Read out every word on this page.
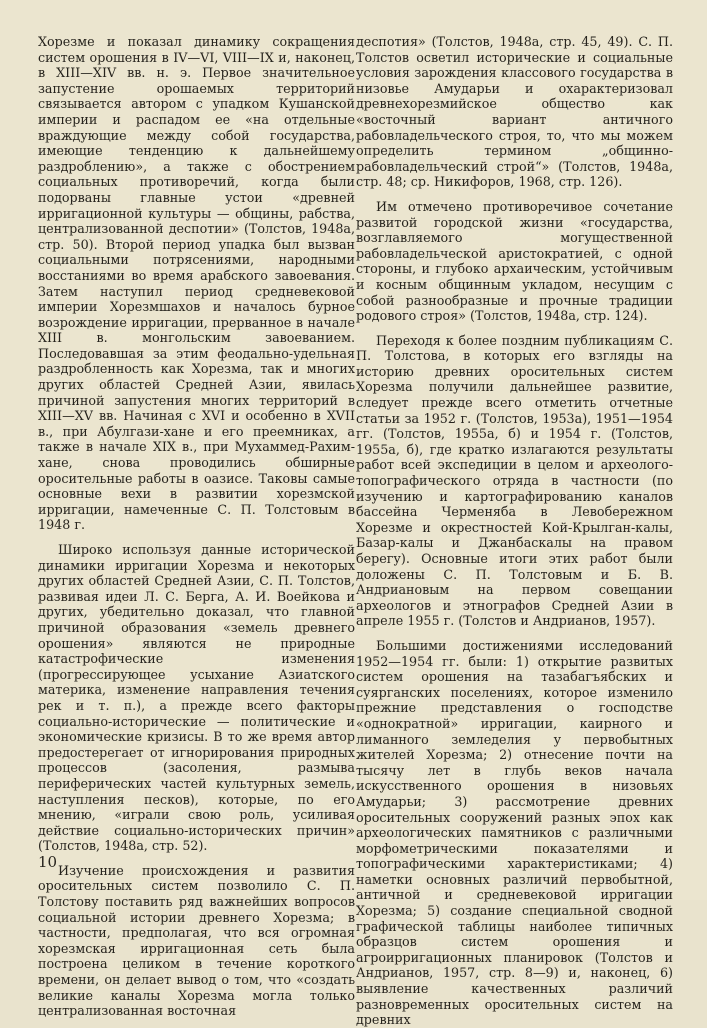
Хорезме и показал динамику сокращения систем орошения в IV—VI, VIII—IX и, наконец, в XIII—XIV вв. н. э. Первое значительное запустение орошаемых территорий связывается автором с упадком Кушанской империи и распадом ее «на отдельные враждующие между собой государства, имеющие тенденцию к дальнейшему раздроблению», а также с обострением социальных противоречий, когда были подорваны главные устои «древней ирригационной культуры — общины, рабства, централизованной деспотии» (Толстов, 1948а, стр. 50). Второй период упадка был вызван социальными потрясениями, народными восстаниями во время арабского завоевания. Затем наступил период средневековой империи Хорезмшахов и началось бурное возрождение ирригации, прерванное в начале XIII в. монгольским завоеванием. Последовавшая за этим феодально-удельная раздробленность как Хорезма, так и многих других областей Средней Азии, явилась причиной запустения многих территорий в XIII—XV вв. Начиная с XVI и особенно в XVII в., при Абулгази-хане и его преемниках, а также в начале XIX в., при Мухаммед-Рахим-хане, снова проводились обширные оросительные работы в оазисе. Таковы самые основные вехи в развитии хорезмской ирригации, намеченные С. П. Толстовым в 1948 г.

Широко используя данные исторической динамики ирригации Хорезма и некоторых других областей Средней Азии, С. П. Толстов, развивая идеи Л. С. Берга, А. И. Воейкова и других, убедительно доказал, что главной причиной образования «земель древнего орошения» являются не природные катастрофические изменения (прогрессирующее усыхание Азиатского материка, изменение направления течения рек и т. п.), а прежде всего факторы социально-исторические — политические и экономические кризисы. В то же время автор предостерегает от игнорирования природных процессов (засоления, размыва периферических частей культурных земель, наступления песков), которые, по его мнению, «играли свою роль, усиливая действие социально-исторических причин» (Толстов, 1948а, стр. 52).

Изучение происхождения и развития оросительных систем позволило С. П. Толстову поставить ряд важнейших вопросов социальной истории древнего Хорезма; в частности, предполагая, что вся огромная хорезмская ирригационная сеть была построена целиком в течение короткого времени, он делает вывод о том, что «создать великие каналы Хорезма могла только централизованная восточная

деспотия» (Толстов, 1948а, стр. 45, 49). С. П. Толстов осветил исторические и социальные условия зарождения классового государства в низовье Амударьи и охарактеризовал древнехорезмийское общество как «восточный вариант античного рабовладельческого строя, то, что мы можем определить термином „общинно-рабовладельческий строй“» (Толстов, 1948а, стр. 48; ср. Никифоров, 1968, стр. 126).

Им отмечено противоречивое сочетание развитой городской жизни «государства, возглавляемого могущественной рабовладельческой аристократией, с одной стороны, и глубоко архаическим, устойчивым и косным общинным укладом, несущим с собой разнообразные и прочные традиции родового строя» (Толстов, 1948а, стр. 124).

Переходя к более поздним публикациям С. П. Толстова, в которых его взгляды на историю древних оросительных систем Хорезма получили дальнейшее развитие, следует прежде всего отметить отчетные статьи за 1952 г. (Толстов, 1953а), 1951—1954 гг. (Толстов, 1955а, б) и 1954 г. (Толстов, 1955а, б), где кратко излагаются результаты работ всей экспедиции в целом и археолого-топографического отряда в частности (по изучению и картографированию каналов бассейна Черменяба в Левобережном Хорезме и окрестностей Кой-Крылган-калы, Базар-калы и Джанбаскалы на правом берегу). Основные итоги этих работ были доложены С. П. Толстовым и Б. В. Андриановым на первом совещании археологов и этнографов Средней Азии в апреле 1955 г. (Толстов и Андрианов, 1957).

Большими достижениями исследований 1952—1954 гг. были: 1) открытие развитых систем орошения на тазабагъябских и суярганских поселениях, которое изменило прежние представления о господстве «однократной» ирригации, каирного и лиманного земледелия у первобытных жителей Хорезма; 2) отнесение почти на тысячу лет в глубь веков начала искусственного орошения в низовьях Амударьи; 3) рассмотрение древних оросительных сооружений разных эпох как археологических памятников с различными морфометрическими показателями и топографическими характеристиками; 4) наметки основных различий первобытной, античной и средневековой ирригации Хорезма; 5) создание специальной сводной графической таблицы наиболее типичных образцов систем орошения и агроирригационных планировок (Толстов и Андрианов, 1957, стр. 8—9) и, наконец, 6) выявление качественных различий разновременных оросительных систем на древних

10
